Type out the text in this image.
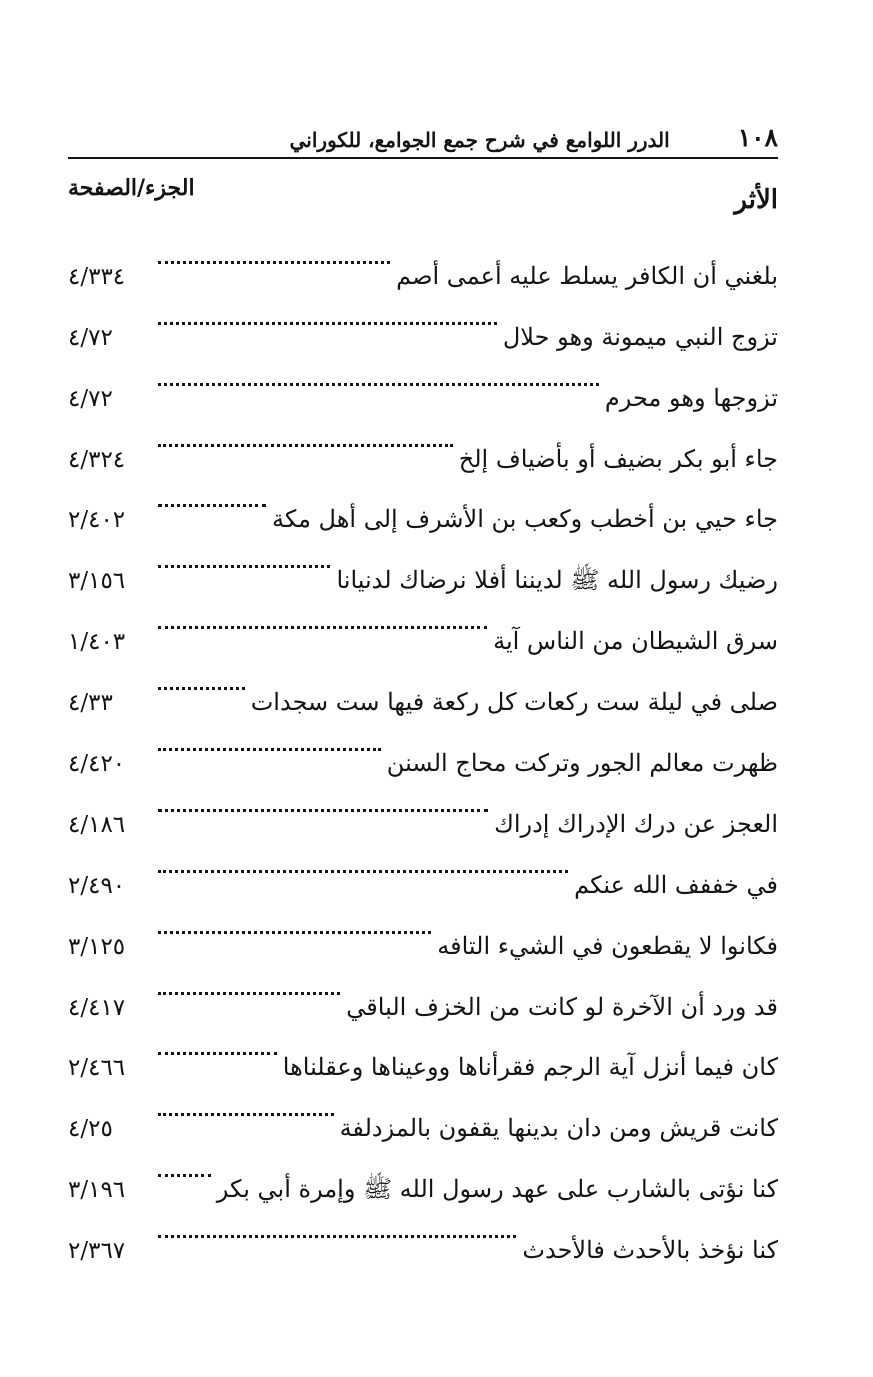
١٠٨
الدرر اللوامع في شرح جمع الجوامع، للكوراني
الأثر
الجزء/الصفحة
بلغني أن الكافر يسلط عليه أعمى أصم
٤/٣٣٤
تزوج النبي ميمونة وهو حلال
٤/٧٢
تزوجها وهو محرم
٤/٧٢
جاء أبو بكر بضيف أو بأضياف إلخ
٤/٣٢٤
جاء حيي بن أخطب وكعب بن الأشرف إلى أهل مكة
٢/٤٠٢
رضيك رسول الله ﷺ لديننا أفلا نرضاك لدنيانا
٣/١٥٦
سرق الشيطان من الناس آية
١/٤٠٣
صلى في ليلة ست ركعات كل ركعة فيها ست سجدات
٤/٣٣
ظهرت معالم الجور وتركت محاج السنن
٤/٤٢٠
العجز عن درك الإدراك إدراك
٤/١٨٦
في خففف الله عنكم
٢/٤٩٠
فكانوا لا يقطعون في الشيء التافه
٣/١٢٥
قد ورد أن الآخرة لو كانت من الخزف الباقي
٤/٤١٧
كان فيما أنزل آية الرجم فقرأناها ووعيناها وعقلناها
٢/٤٦٦
كانت قريش ومن دان بدينها يقفون بالمزدلفة
٤/٢٥
كنا نؤتى بالشارب على عهد رسول الله ﷺ وإمرة أبي بكر
٣/١٩٦
كنا نؤخذ بالأحدث فالأحدث
٢/٣٦٧
